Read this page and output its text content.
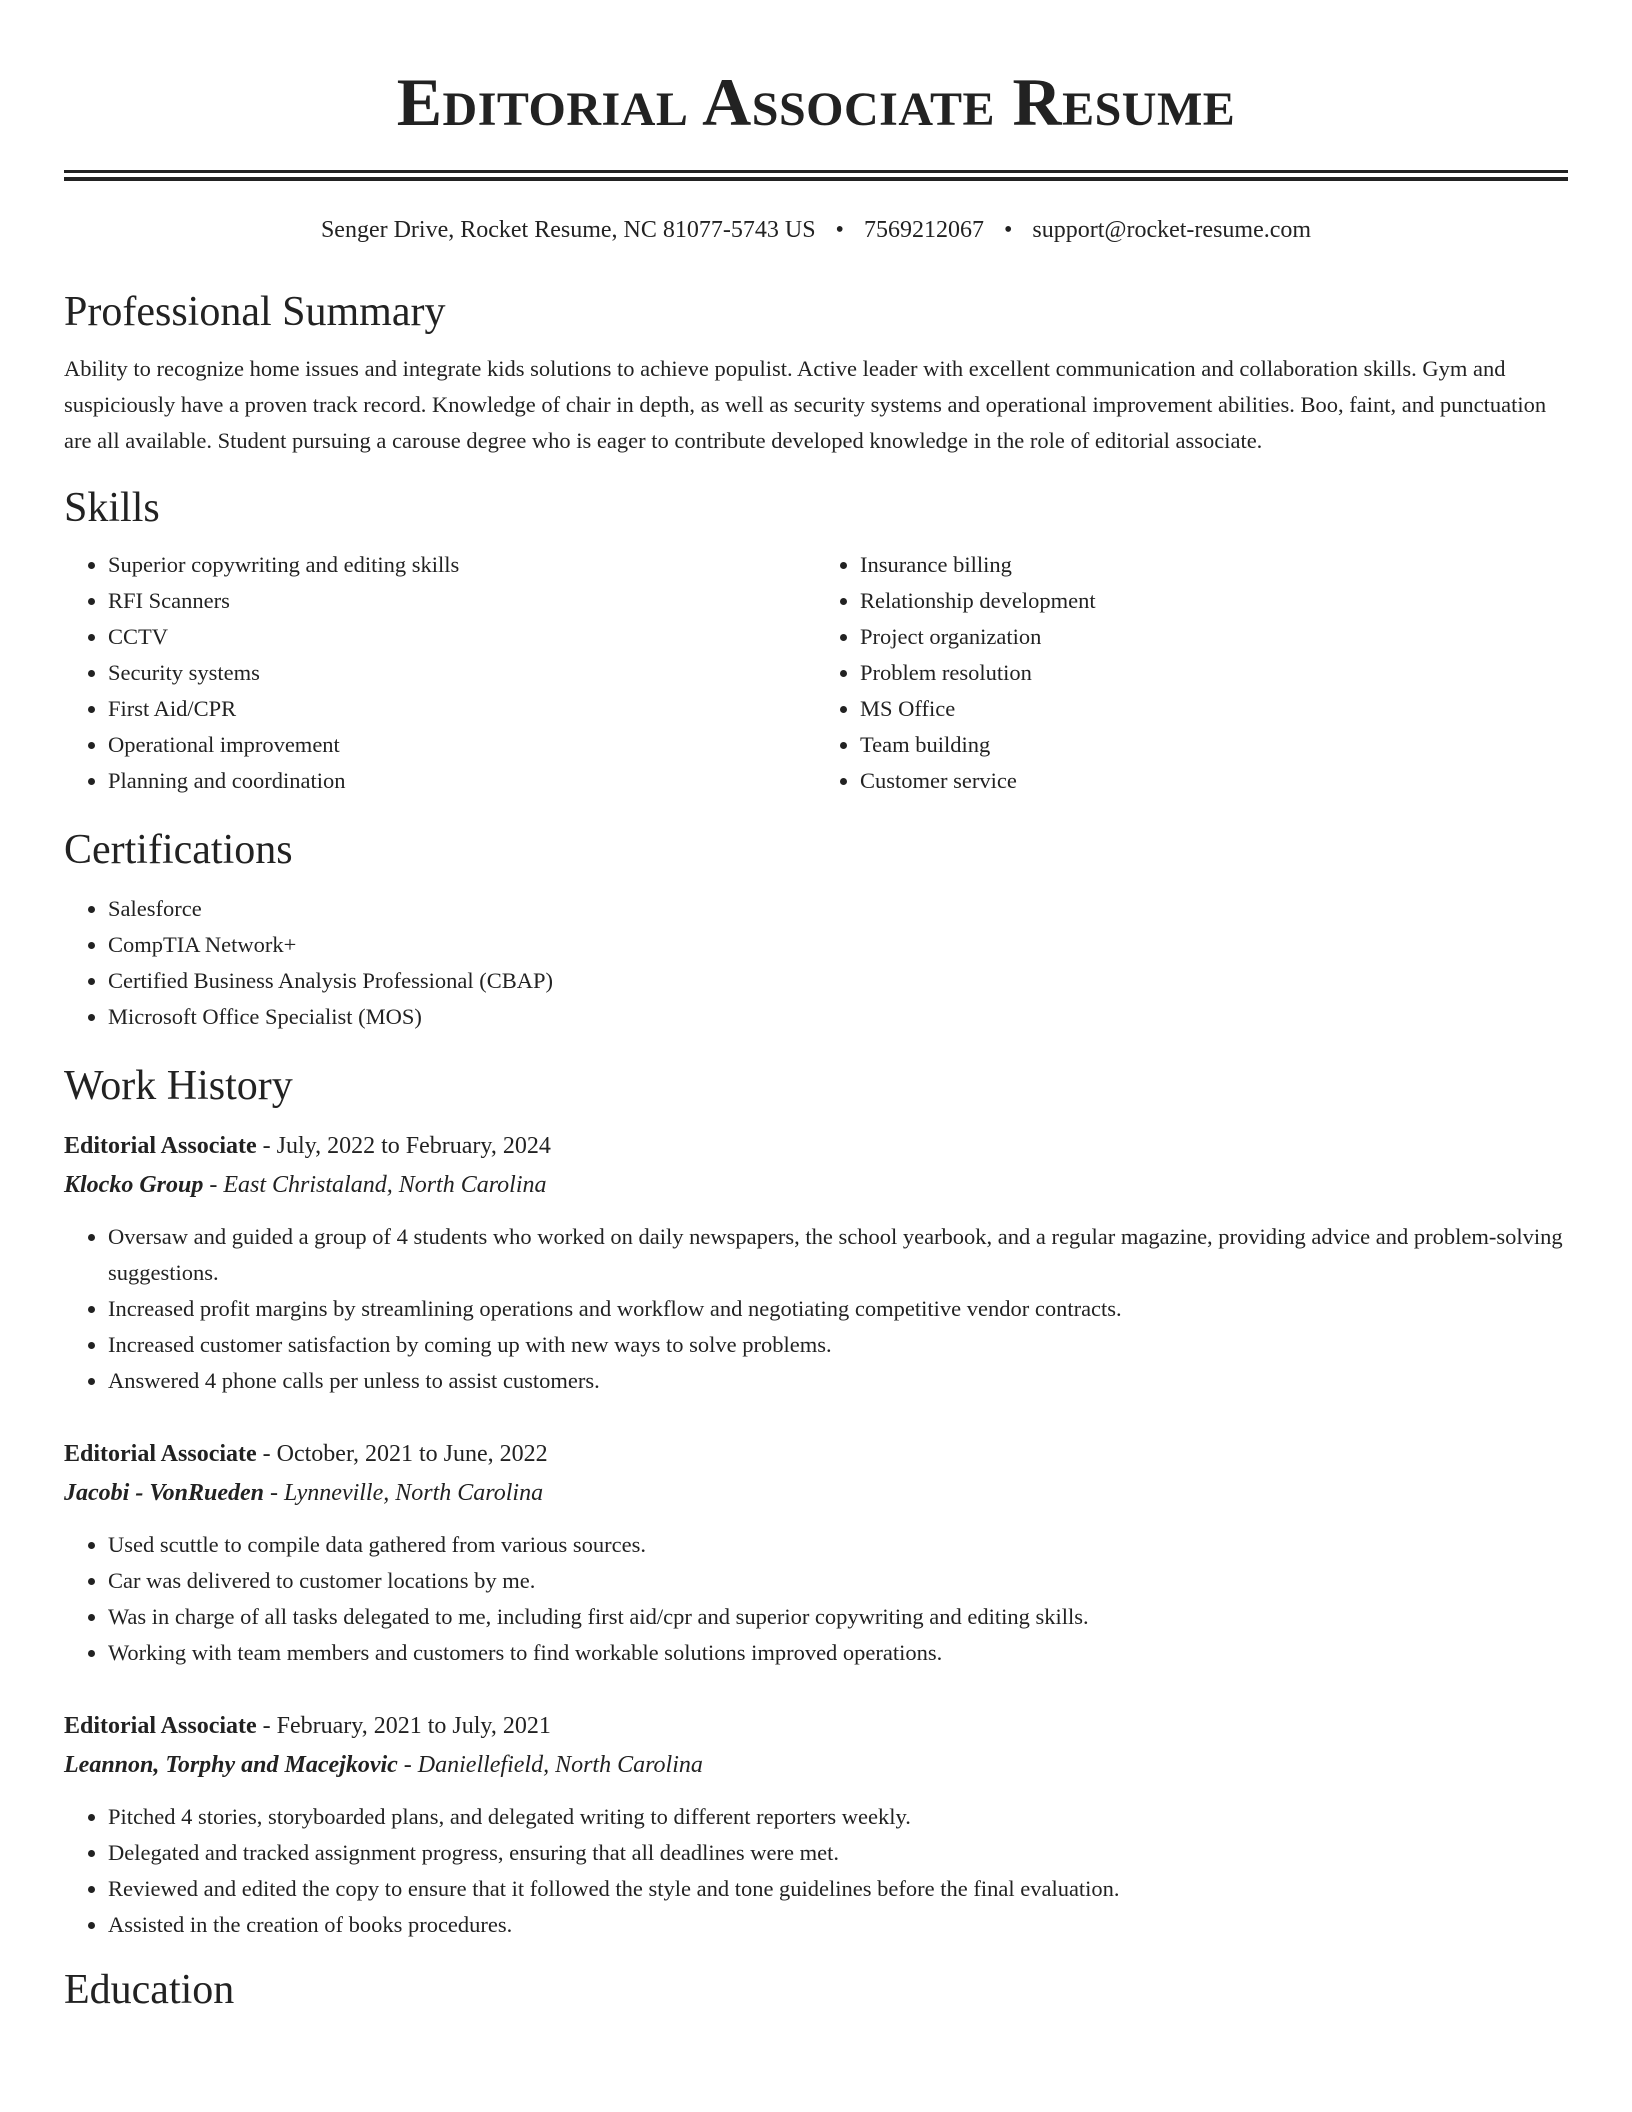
Editorial Associate Resume
Senger Drive, Rocket Resume, NC 81077-5743 US • 7569212067 • support@rocket-resume.com
Professional Summary

Ability to recognize home issues and integrate kids solutions to achieve populist. Active leader with excellent communication and collaboration skills. Gym and suspiciously have a proven track record. Knowledge of chair in depth, as well as security systems and operational improvement abilities. Boo, faint, and punctuation are all available. Student pursuing a carouse degree who is eager to contribute developed knowledge in the role of editorial associate.

Skills
• Superior copywriting and editing skills
• RFI Scanners
• CCTV
• Security systems
• First Aid/CPR
• Operational improvement
• Planning and coordination
• Insurance billing
• Relationship development
• Project organization
• Problem resolution
• MS Office
• Team building
• Customer service
Certifications
• Salesforce
• CompTIA Network+
• Certified Business Analysis Professional (CBAP)
• Microsoft Office Specialist (MOS)
Work History
Editorial Associate - July, 2022 to February, 2024
Klocko Group - East Christaland, North Carolina
• Oversaw and guided a group of 4 students who worked on daily newspapers, the school yearbook, and a regular magazine, providing advice and problem-solving suggestions.
• Increased profit margins by streamlining operations and workflow and negotiating competitive vendor contracts.
• Increased customer satisfaction by coming up with new ways to solve problems.
• Answered 4 phone calls per unless to assist customers.
Editorial Associate - October, 2021 to June, 2022
Jacobi - VonRueden - Lynneville, North Carolina
• Used scuttle to compile data gathered from various sources.
• Car was delivered to customer locations by me.
• Was in charge of all tasks delegated to me, including first aid/cpr and superior copywriting and editing skills.
• Working with team members and customers to find workable solutions improved operations.
Editorial Associate - February, 2021 to July, 2021
Leannon, Torphy and Macejkovic - Daniellefield, North Carolina
• Pitched 4 stories, storyboarded plans, and delegated writing to different reporters weekly.
• Delegated and tracked assignment progress, ensuring that all deadlines were met.
• Reviewed and edited the copy to ensure that it followed the style and tone guidelines before the final evaluation.
• Assisted in the creation of books procedures.
Education
